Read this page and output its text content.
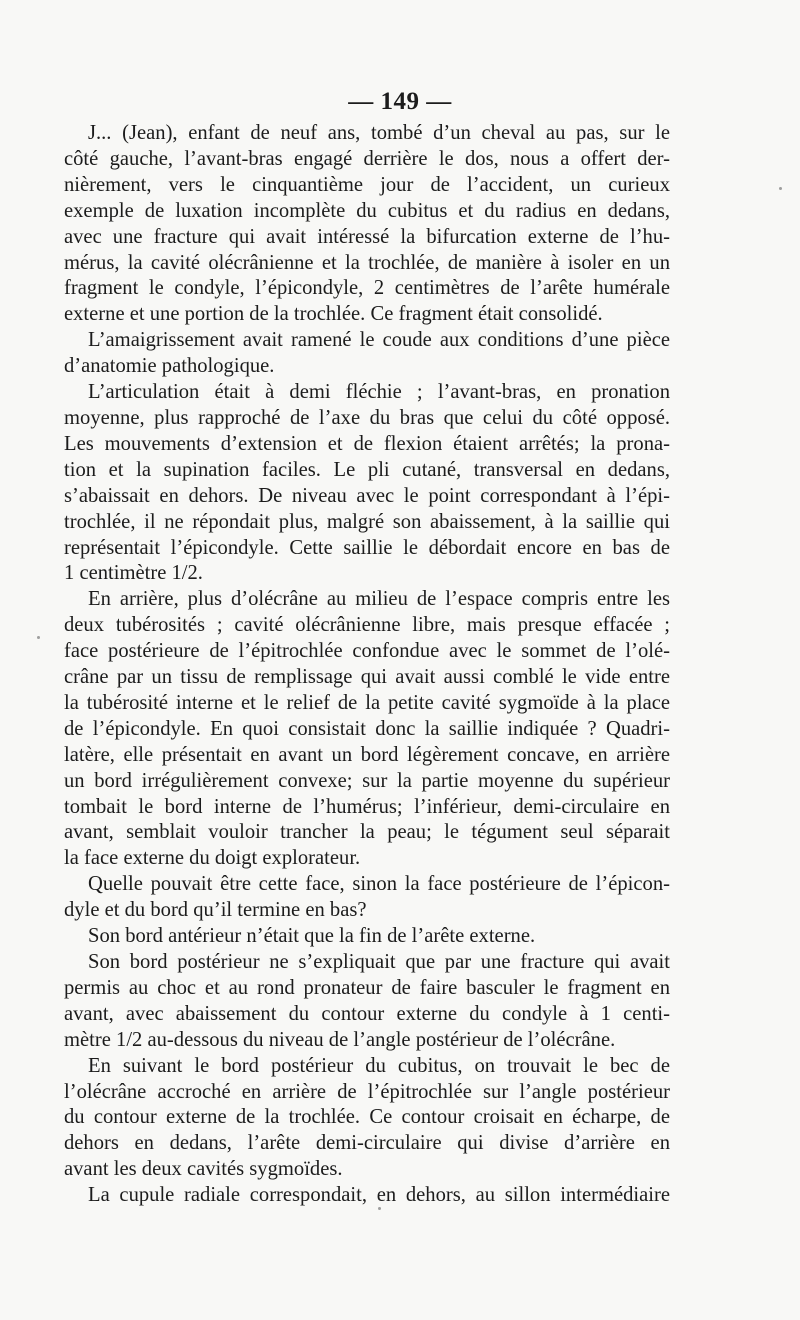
— 149 —
J... (Jean), enfant de neuf ans, tombé d’un cheval au pas, sur le
côté gauche, l’avant-bras engagé derrière le dos, nous a offert der-
nièrement, vers le cinquantième jour de l’accident, un curieux
exemple de luxation incomplète du cubitus et du radius en dedans,
avec une fracture qui avait intéressé la bifurcation externe de l’hu-
mérus, la cavité olécrânienne et la trochlée, de manière à isoler en un
fragment le condyle, l’épicondyle, 2 centimètres de l’arête humérale
externe et une portion de la trochlée. Ce fragment était consolidé.
L’amaigrissement avait ramené le coude aux conditions d’une pièce
d’anatomie pathologique.
L’articulation était à demi fléchie ; l’avant-bras, en pronation
moyenne, plus rapproché de l’axe du bras que celui du côté opposé.
Les mouvements d’extension et de flexion étaient arrêtés; la prona-
tion et la supination faciles. Le pli cutané, transversal en dedans,
s’abaissait en dehors. De niveau avec le point correspondant à l’épi-
trochlée, il ne répondait plus, malgré son abaissement, à la saillie qui
représentait l’épicondyle. Cette saillie le débordait encore en bas de
1 centimètre 1/2.
En arrière, plus d’olécrâne au milieu de l’espace compris entre les
deux tubérosités ; cavité olécrânienne libre, mais presque effacée ;
face postérieure de l’épitrochlée confondue avec le sommet de l’olé-
crâne par un tissu de remplissage qui avait aussi comblé le vide entre
la tubérosité interne et le relief de la petite cavité sygmoïde à la place
de l’épicondyle. En quoi consistait donc la saillie indiquée ? Quadri-
latère, elle présentait en avant un bord légèrement concave, en arrière
un bord irrégulièrement convexe; sur la partie moyenne du supérieur
tombait le bord interne de l’humérus; l’inférieur, demi-circulaire en
avant, semblait vouloir trancher la peau; le tégument seul séparait
la face externe du doigt explorateur.
Quelle pouvait être cette face, sinon la face postérieure de l’épicon-
dyle et du bord qu’il termine en bas?
Son bord antérieur n’était que la fin de l’arête externe.
Son bord postérieur ne s’expliquait que par une fracture qui avait
permis au choc et au rond pronateur de faire basculer le fragment en
avant, avec abaissement du contour externe du condyle à 1 centi-
mètre 1/2 au-dessous du niveau de l’angle postérieur de l’olécrâne.
En suivant le bord postérieur du cubitus, on trouvait le bec de
l’olécrâne accroché en arrière de l’épitrochlée sur l’angle postérieur
du contour externe de la trochlée. Ce contour croisait en écharpe, de
dehors en dedans, l’arête demi-circulaire qui divise d’arrière en
avant les deux cavités sygmoïdes.
La cupule radiale correspondait, en dehors, au sillon intermédiaire
